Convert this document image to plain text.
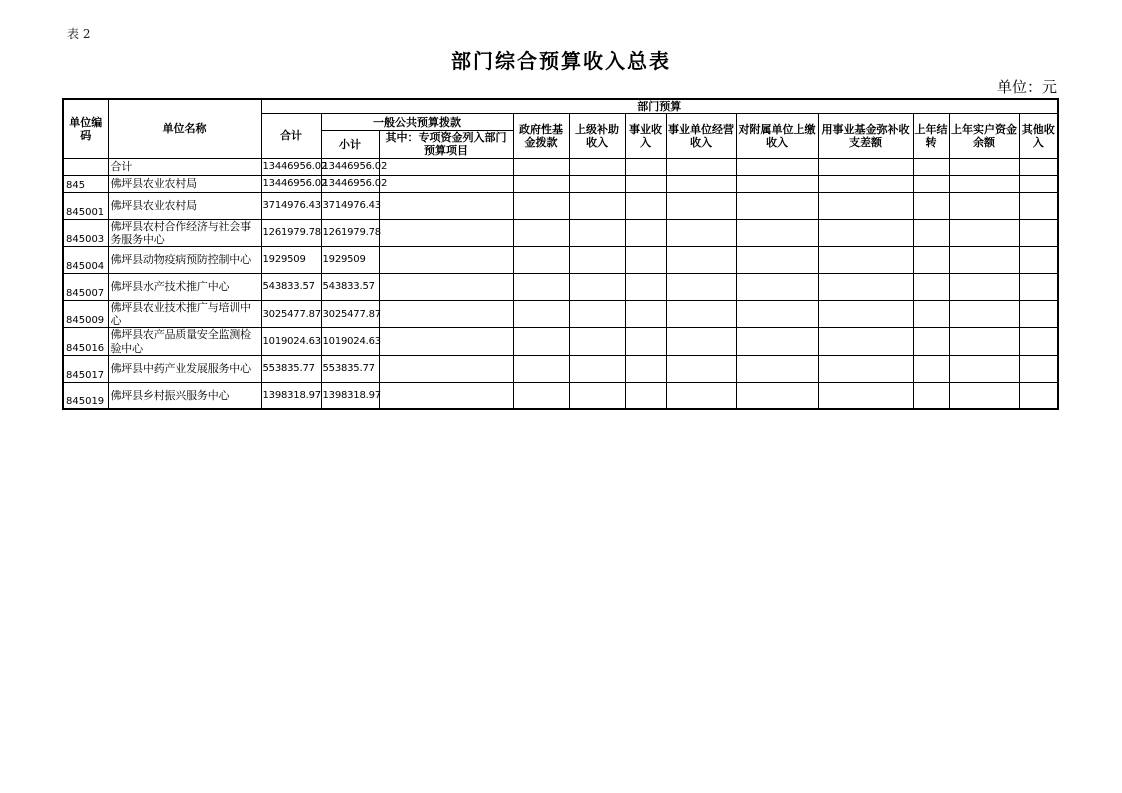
表 2
部门综合预算收入总表
单位：元
单位编码	单位名称	部门预算											
		合计	一般公共预算拨款		政府性基金拨款	上级补助收入	事业收入	事业单位经营收入	对附属单位上缴收入	用事业基金弥补收支差额	上年结转	上年实户资金余额	其他收入
			小计	其中：专项资金列入部门预算项目									
	合计	13446956.02	13446956.02										
845	佛坪县农业农村局	13446956.02	13446956.02										
845001	佛坪县农业农村局	3714976.43	3714976.43										
845003	佛坪县农村合作经济与社会事务服务中心	1261979.78	1261979.78										
845004	佛坪县动物疫病预防控制中心	1929509	1929509										
845007	佛坪县水产技术推广中心	543833.57	543833.57										
845009	佛坪县农业技术推广与培训中心	3025477.87	3025477.87										
845016	佛坪县农产品质量安全监测检验中心	1019024.63	1019024.63										
845017	佛坪县中药产业发展服务中心	553835.77	553835.77										
845019	佛坪县乡村振兴服务中心	1398318.97	1398318.97										
